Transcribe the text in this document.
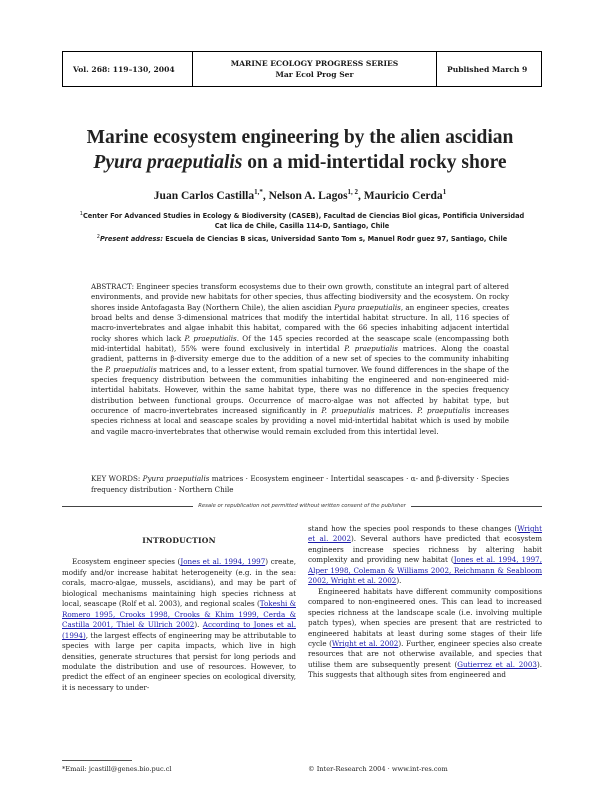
Vol. 268: 119–130, 2004
MARINE ECOLOGY PROGRESS SERIES
Mar Ecol Prog Ser
Published March 9
Marine ecosystem engineering by the alien ascidian
Pyura praeputialis on a mid-intertidal rocky shore
Juan Carlos Castilla$^{1,*}$, Nelson A. Lagos$^{1, 2}$, Mauricio Cerda$^1$
$^1$Center For Advanced Studies in Ecology & Biodiversity (CASEB), Facultad de Ciencias Biol gicas, Pontificia Universidad
Cat lica de Chile, Casilla 114-D, Santiago, Chile
$^2$Present address: Escuela de Ciencias B sicas, Universidad Santo Tom s, Manuel Rodr guez 97, Santiago, Chile
ABSTRACT: Engineer species transform ecosystems due to their own growth, constitute an integral part of altered environments, and provide new habitats for other species, thus affecting biodiversity and the ecosystem. On rocky shores inside Antofagasta Bay (Northern Chile), the alien ascidian Pyura praeputialis, an engineer species, creates broad belts and dense 3-dimensional matrices that modify the intertidal habitat structure. In all, 116 species of macro-invertebrates and algae inhabit this habitat, compared with the 66 species inhabiting adjacent intertidal rocky shores which lack P. praeputialis. Of the 145 species recorded at the seascape scale (encompassing both mid-intertidal habitat), 55% were found exclusively in intertidal P. praeputialis matrices. Along the coastal gradient, patterns in β-diversity emerge due to the addition of a new set of species to the community inhabiting the P. praeputialis matrices and, to a lesser extent, from spatial turnover. We found differences in the shape of the species frequency distribution between the communities inhabiting the engineered and non-engineered mid-intertidal habitats. However, within the same habitat type, there was no difference in the species frequency distribution between functional groups. Occurrence of macro-algae was not affected by habitat type, but occurence of macro-invertebrates increased significantly in P. praeputialis matrices. P. praeputialis increases species richness at local and seascape scales by providing a novel mid-intertidal habitat which is used by mobile and vagile macro-invertebrates that otherwise would remain excluded from this intertidal level.
KEY WORDS: Pyura praeputialis matrices · Ecosystem engineer · Intertidal seascapes · α- and β-diversity · Species frequency distribution · Northern Chile
Resale or republication not permitted without written consent of the publisher
INTRODUCTION

Ecosystem engineer species (Jones et al. 1994, 1997) create, modify and/or increase habitat heterogeneity (e.g. in the sea: corals, macro-algae, mussels, ascidians), and may be part of biological mechanisms maintaining high species richness at local, seascape (Rolf et al. 2003), and regional scales (Tokeshi & Romero 1995, Crooks 1998, Crooks & Khim 1999, Cerda & Castilla 2001, Thiel & Ullrich 2002). According to Jones et al. (1994), the largest effects of engineering may be attributable to species with large per capita impacts, which live in high densities, generate structures that persist for long periods and modulate the distribution and use of resources. However, to predict the effect of an engineer species on ecological diversity, it is necessary to under-

stand how the species pool responds to these changes (Wright et al. 2002). Several authors have predicted that ecosystem engineers increase species richness by altering habit complexity and providing new habitat (Jones et al. 1994, 1997, Alper 1998, Coleman & Williams 2002, Reichmann & Seabloom 2002, Wright et al. 2002).

Engineered habitats have different community compositions compared to non-engineered ones. This can lead to increased species richness at the landscape scale (i.e. involving multiple patch types), when species are present that are restricted to engineered habitats at least during some stages of their life cycle (Wright et al. 2002). Further, engineer species also create resources that are not otherwise available, and species that utilise them are subsequently present (Gutierrez et al. 2003). This suggests that although sites from engineered and

*Email: jcastill@genes.bio.puc.cl	© Inter-Research 2004 · www.int-res.com
